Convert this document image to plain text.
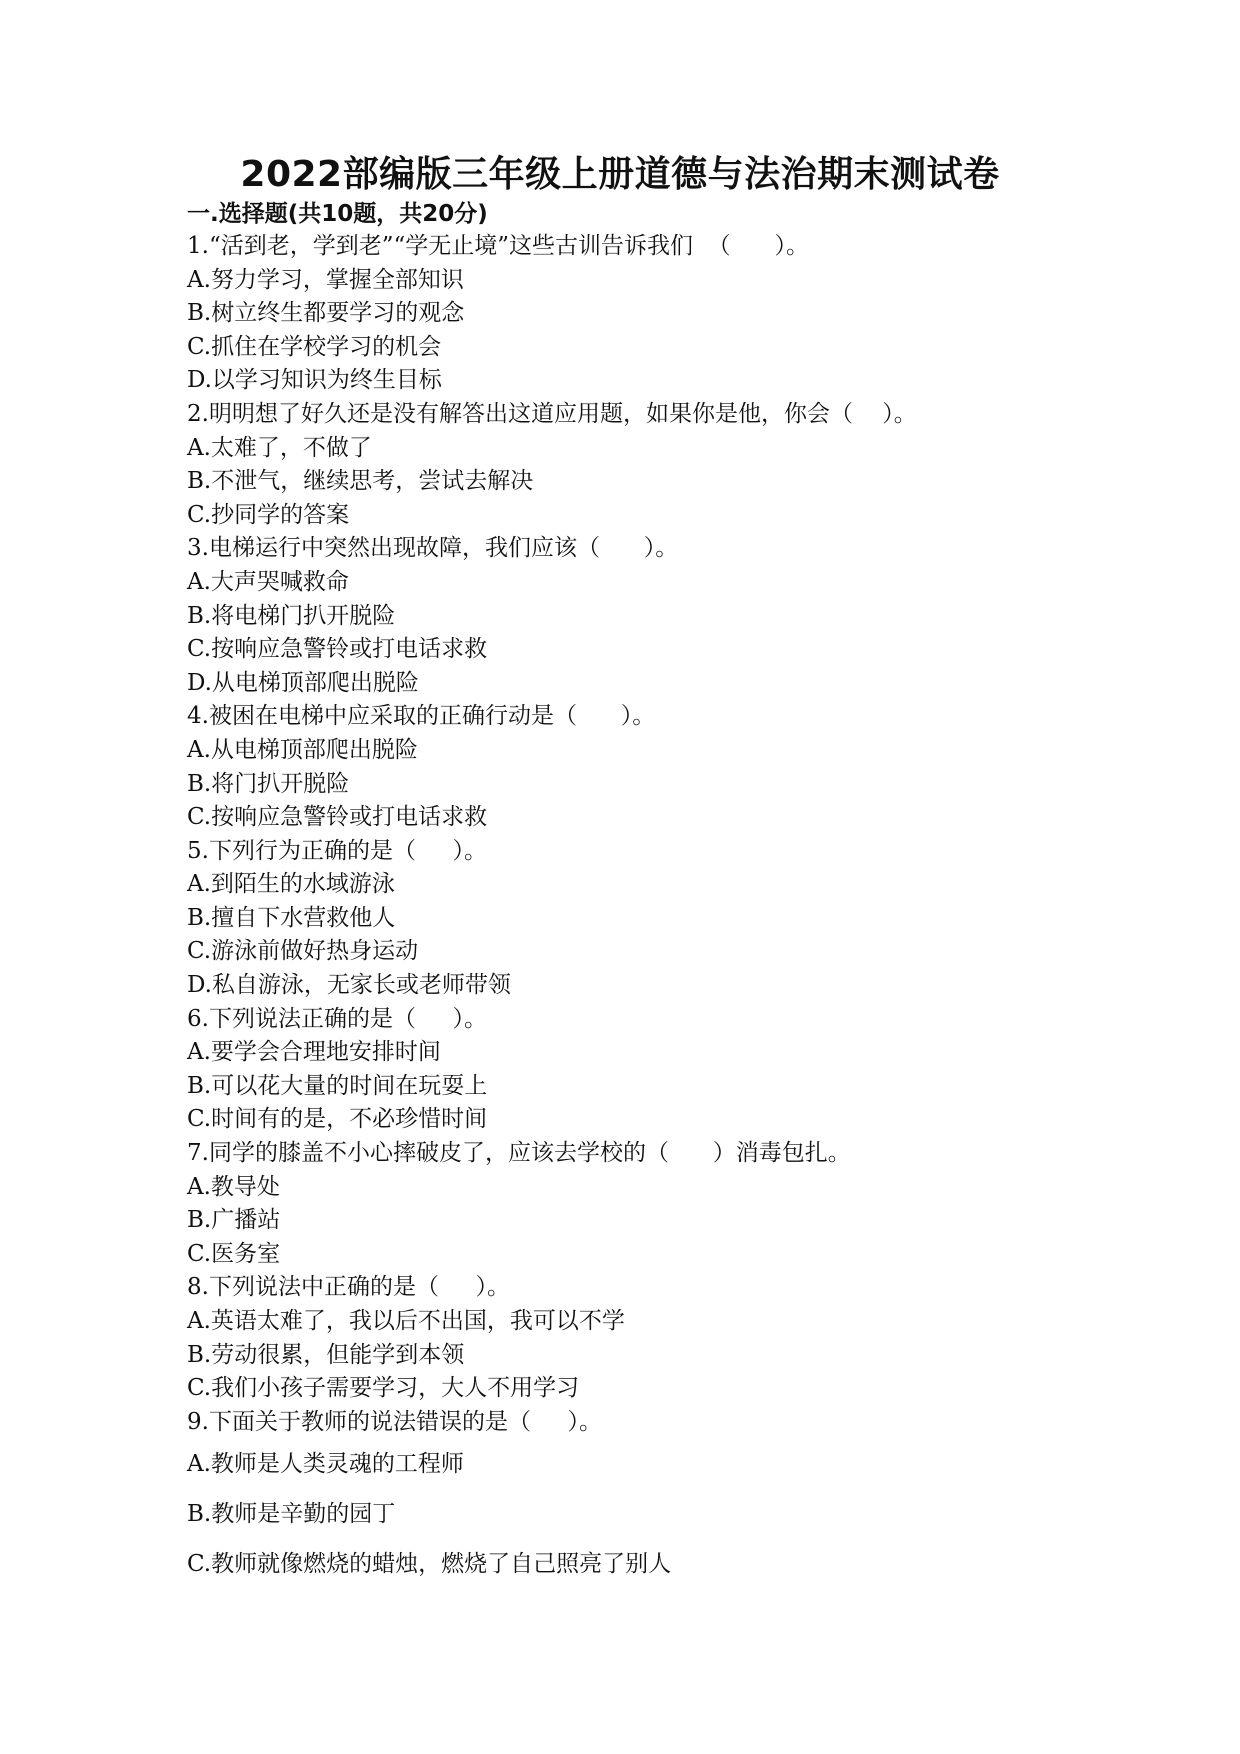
2022部编版三年级上册道德与法治期末测试卷
一.选择题(共10题，共20分)
1.“活到老，学到老”“学无止境”这些古训告诉我们  （      ）。
A.努力学习，掌握全部知识
B.树立终生都要学习的观念
C.抓住在学校学习的机会
D.以学习知识为终生目标
2.明明想了好久还是没有解答出这道应用题，如果你是他，你会（    ）。
A.太难了，不做了
B.不泄气，继续思考，尝试去解决
C.抄同学的答案
3.电梯运行中突然出现故障，我们应该（      ）。
A.大声哭喊救命
B.将电梯门扒开脱险
C.按响应急警铃或打电话求救
D.从电梯顶部爬出脱险
4.被困在电梯中应采取的正确行动是（      ）。
A.从电梯顶部爬出脱险
B.将门扒开脱险
C.按响应急警铃或打电话求救
5.下列行为正确的是（     ）。
A.到陌生的水域游泳
B.擅自下水营救他人
C.游泳前做好热身运动
D.私自游泳，无家长或老师带领
6.下列说法正确的是（     ）。
A.要学会合理地安排时间
B.可以花大量的时间在玩耍上
C.时间有的是，不必珍惜时间
7.同学的膝盖不小心摔破皮了，应该去学校的（      ）消毒包扎。
A.教导处
B.广播站
C.医务室
8.下列说法中正确的是（     ）。
A.英语太难了，我以后不出国，我可以不学
B.劳动很累，但能学到本领
C.我们小孩子需要学习，大人不用学习
9.下面关于教师的说法错误的是（     ）。
A.教师是人类灵魂的工程师
B.教师是辛勤的园丁
C.教师就像燃烧的蜡烛，燃烧了自己照亮了别人
